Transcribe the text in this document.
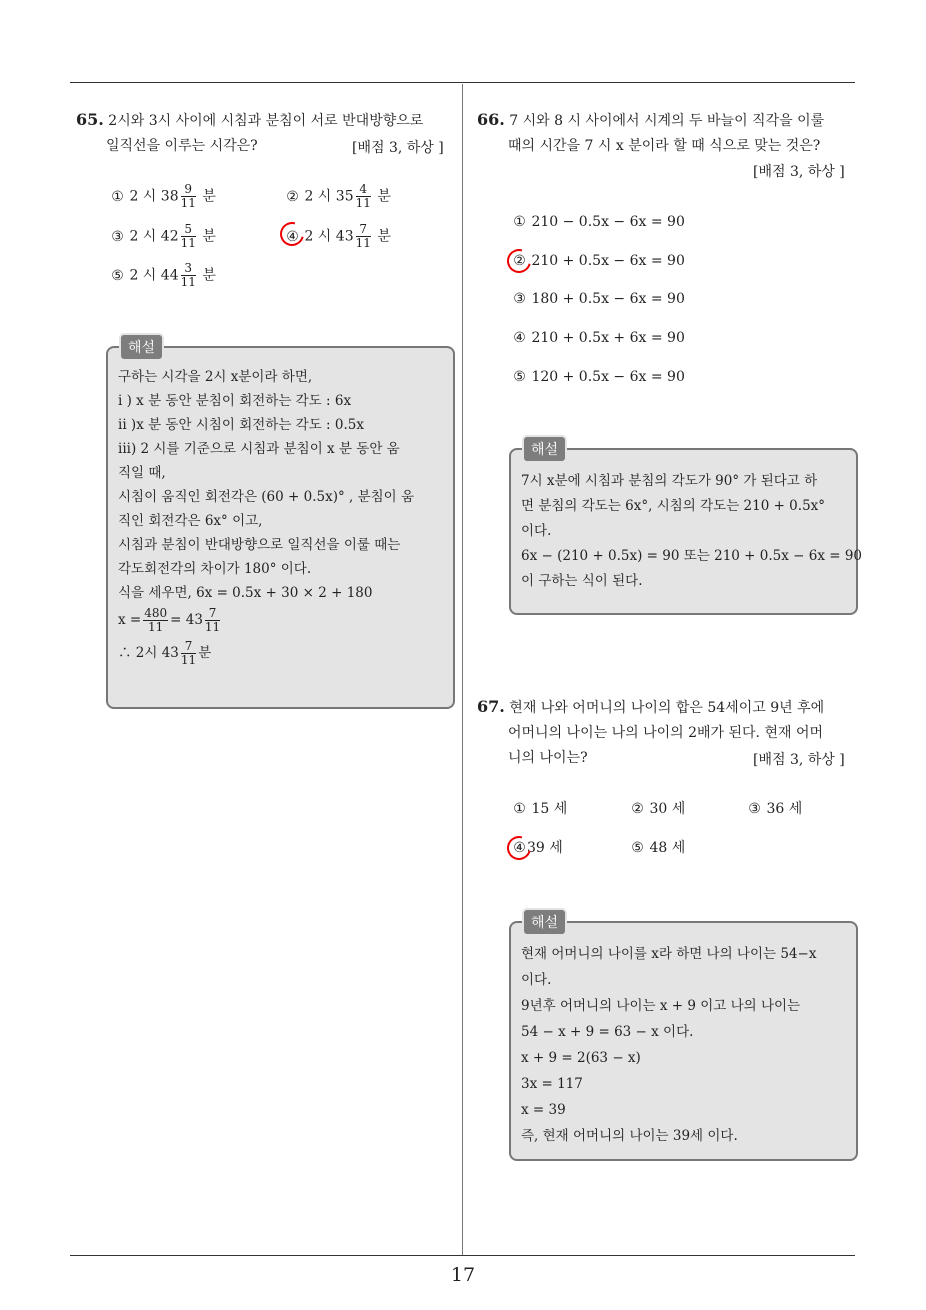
65. 2시와 3시 사이에 시침과 분침이 서로 반대방향으로
일직선을 이루는 시각은?	[배점 3, 하상 ]
① 2 시 $38 \frac{9}{11}$ 분	② 2 시 $35 \frac{4}{11}$ 분
③ 2 시 $42 \frac{5}{11}$ 분	④ 2 시 $43 \frac{7}{11}$ 분
⑤ 2 시 $44 \frac{3}{11}$ 분
해설
구하는 시각을 2시 x분이라 하면,
i ) x 분 동안 분침이 회전하는 각도 : 6x
ii )x 분 동안 시침이 회전하는 각도 : 0.5x
iii) 2 시를 기준으로 시침과 분침이 x 분 동안 움
직일 때,
시침이 움직인 회전각은 (60 + 0.5x)° , 분침이 움
직인 회전각은 6x° 이고,
시침과 분침이 반대방향으로 일직선을 이룰 때는
각도회전각의 차이가 180° 이다.
식을 세우면, 6x = 0.5x + 30 × 2 + 180
$x = \frac{480}{11} = 43 \frac{7}{11}$
∴ 2시 $43 \frac{7}{11}$ 분
66. 7 시와 8 시 사이에서 시계의 두 바늘이 직각을 이룰
때의 시간을 7 시 x 분이라 할 때 식으로 맞는 것은?
[배점 3, 하상 ]
① 210 − 0.5x − 6x = 90
② 210 + 0.5x − 6x = 90
③ 180 + 0.5x − 6x = 90
④ 210 + 0.5x + 6x = 90
⑤ 120 + 0.5x − 6x = 90
해설
7시 x분에 시침과 분침의 각도가 90° 가 된다고 하
면 분침의 각도는 6x°, 시침의 각도는 210 + 0.5x°
이다.
6x − (210 + 0.5x) = 90 또는 210 + 0.5x − 6x = 90
이 구하는 식이 된다.
67. 현재 나와 어머니의 나이의 합은 54세이고 9년 후에
어머니의 나이는 나의 나이의 2배가 된다. 현재 어머
니의 나이는?	[배점 3, 하상 ]
① 15 세	② 30 세	③ 36 세
④39 세	⑤ 48 세
해설
현재 어머니의 나이를 x라 하면 나의 나이는 54−x
이다.
9년후 어머니의 나이는 x + 9 이고 나의 나이는
54 − x + 9 = 63 − x 이다.
x + 9 = 2(63 − x)
3x = 117
x = 39
즉, 현재 어머니의 나이는 39세 이다.
17
